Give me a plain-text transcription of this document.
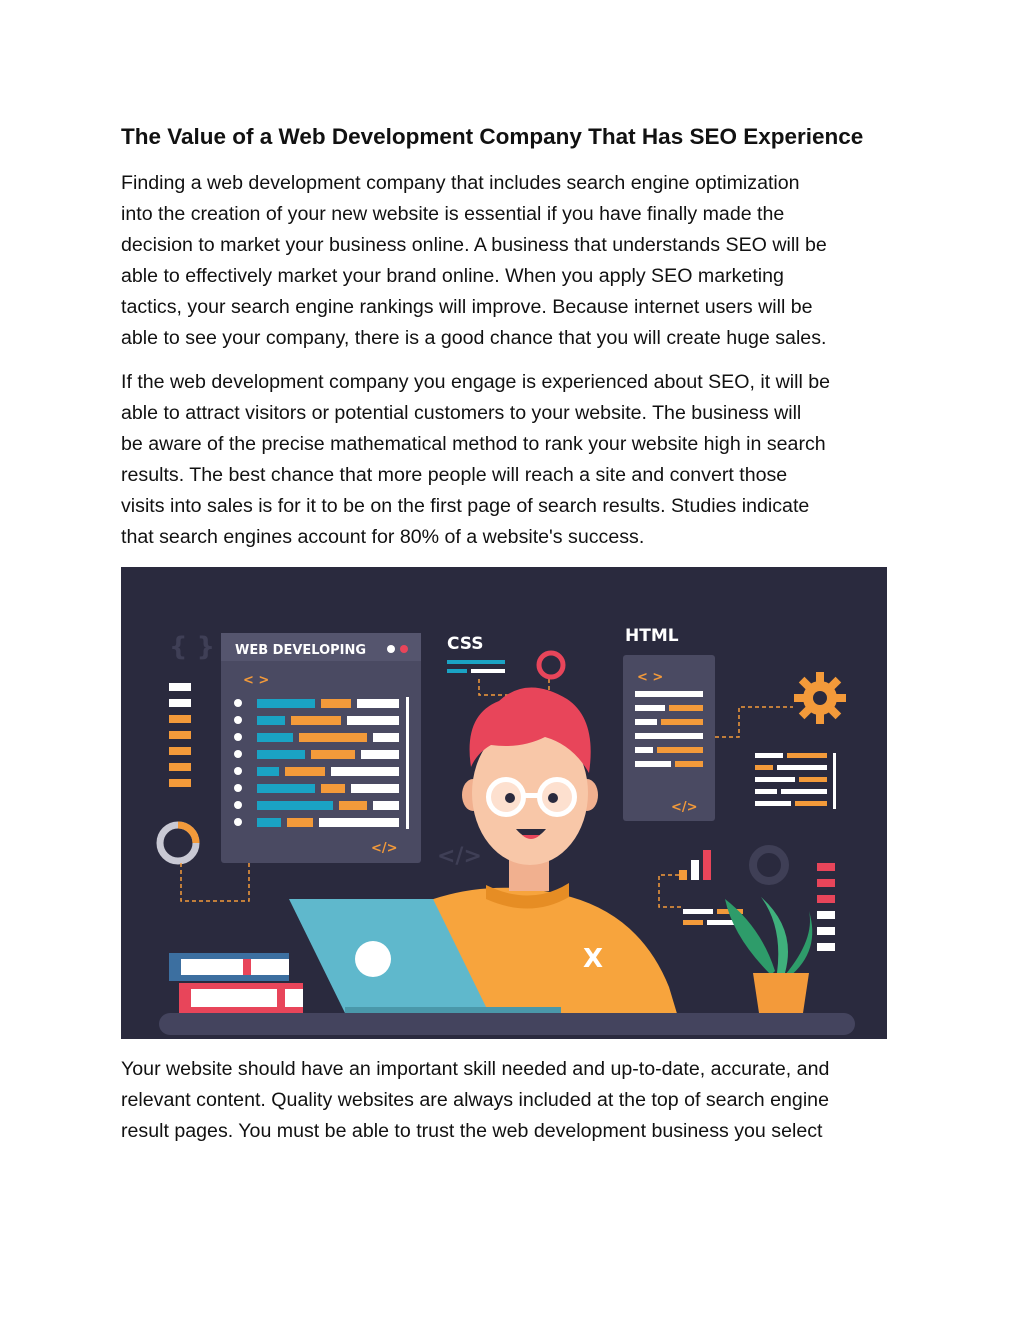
The Value of a Web Development Company That Has SEO Experience

Finding a web development company that includes search engine optimization
into the creation of your new website is essential if you have finally made the
decision to market your business online. A business that understands SEO will be
able to effectively market your brand online. When you apply SEO marketing
tactics, your search engine rankings will improve. Because internet users will be
able to see your company, there is a good chance that you will create huge sales.

If the web development company you engage is experienced about SEO, it will be
able to attract visitors or potential customers to your website. The business will
be aware of the precise mathematical method to rank your website high in search
results. The best chance that more people will reach a site and convert those
visits into sales is for it to be on the first page of search results. Studies indicate
that search engines account for 80% of a website's success.

{ } WEB DEVELOPING
< >
</>
CSS	HTML
< >
</>
</>
X

Your website should have an important skill needed and up-to-date, accurate, and
relevant content. Quality websites are always included at the top of search engine
result pages. You must be able to trust the web development business you select
